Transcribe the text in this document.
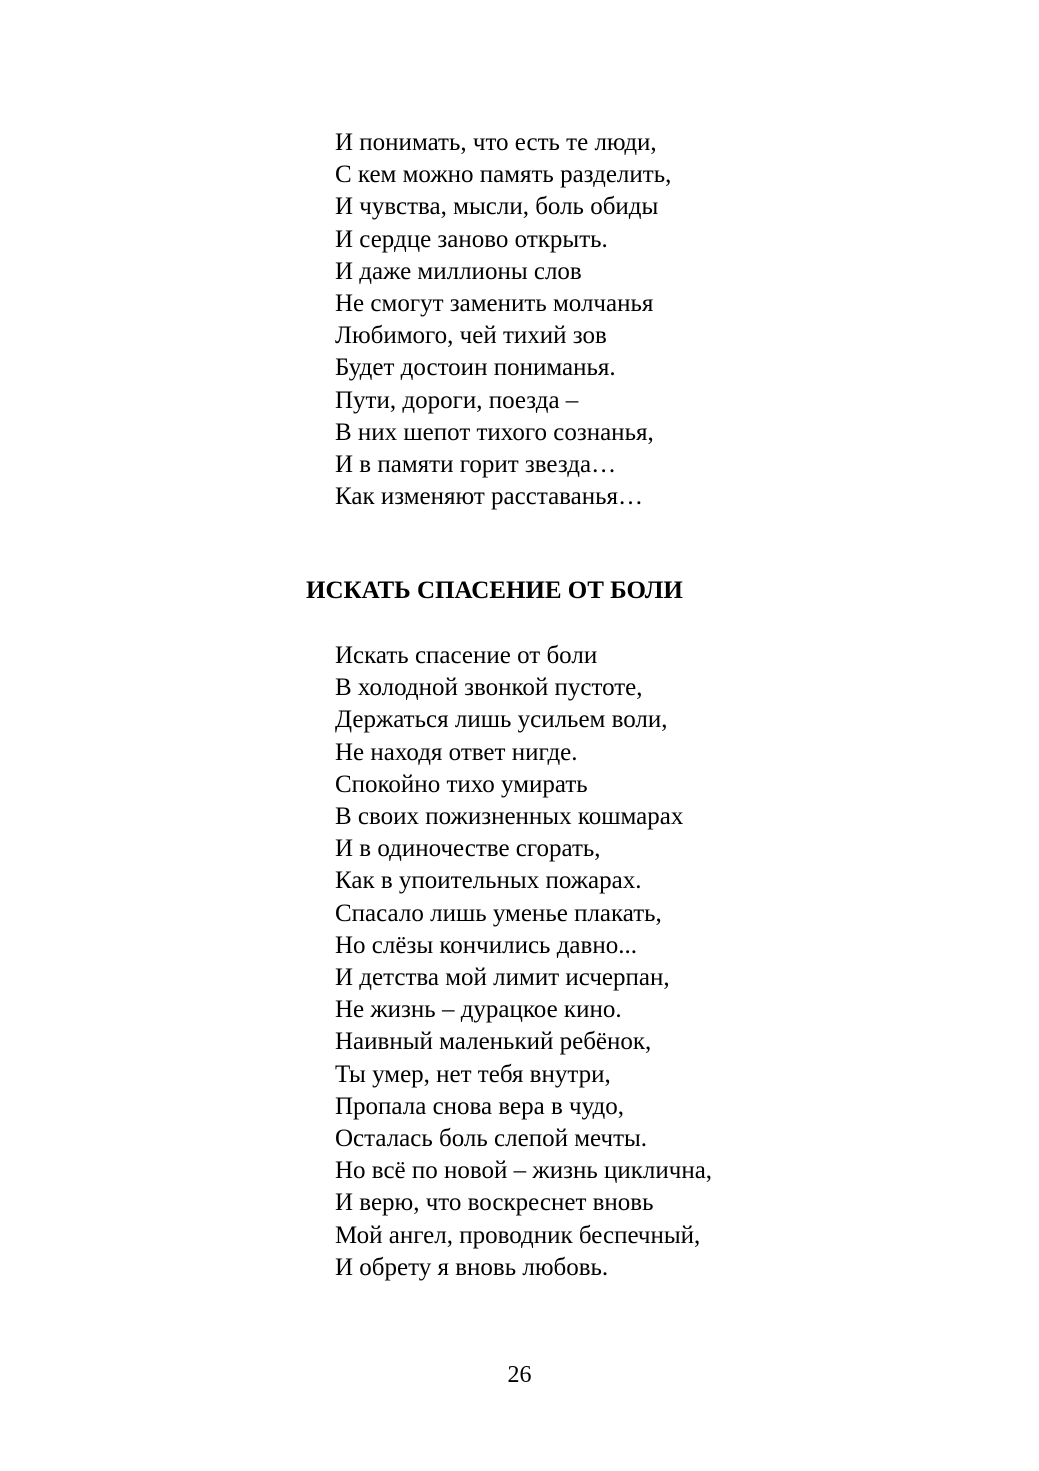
И понимать, что есть те люди,
С кем можно память разделить,
И чувства, мысли, боль обиды
И сердце заново открыть.
И даже миллионы слов
Не смогут заменить молчанья
Любимого, чей тихий зов
Будет достоин пониманья.
Пути, дороги, поезда –
В них шепот тихого сознанья,
И в памяти горит звезда…
Как изменяют расставанья…
ИСКАТЬ СПАСЕНИЕ ОТ БОЛИ
Искать спасение от боли
В холодной звонкой пустоте,
Держаться лишь усильем воли,
Не находя ответ нигде.
Спокойно тихо умирать
В своих пожизненных кошмарах
И в одиночестве сгорать,
Как в упоительных пожарах.
Спасало лишь уменье плакать,
Но слёзы кончились давно...
И детства мой лимит исчерпан,
Не жизнь – дурацкое кино.
Наивный маленький ребёнок,
Ты умер, нет тебя внутри,
Пропала снова вера в чудо,
Осталась боль слепой мечты.
Но всё по новой – жизнь циклична,
И верю, что воскреснет вновь
Мой ангел, проводник беспечный,
И обрету я вновь любовь.
26
